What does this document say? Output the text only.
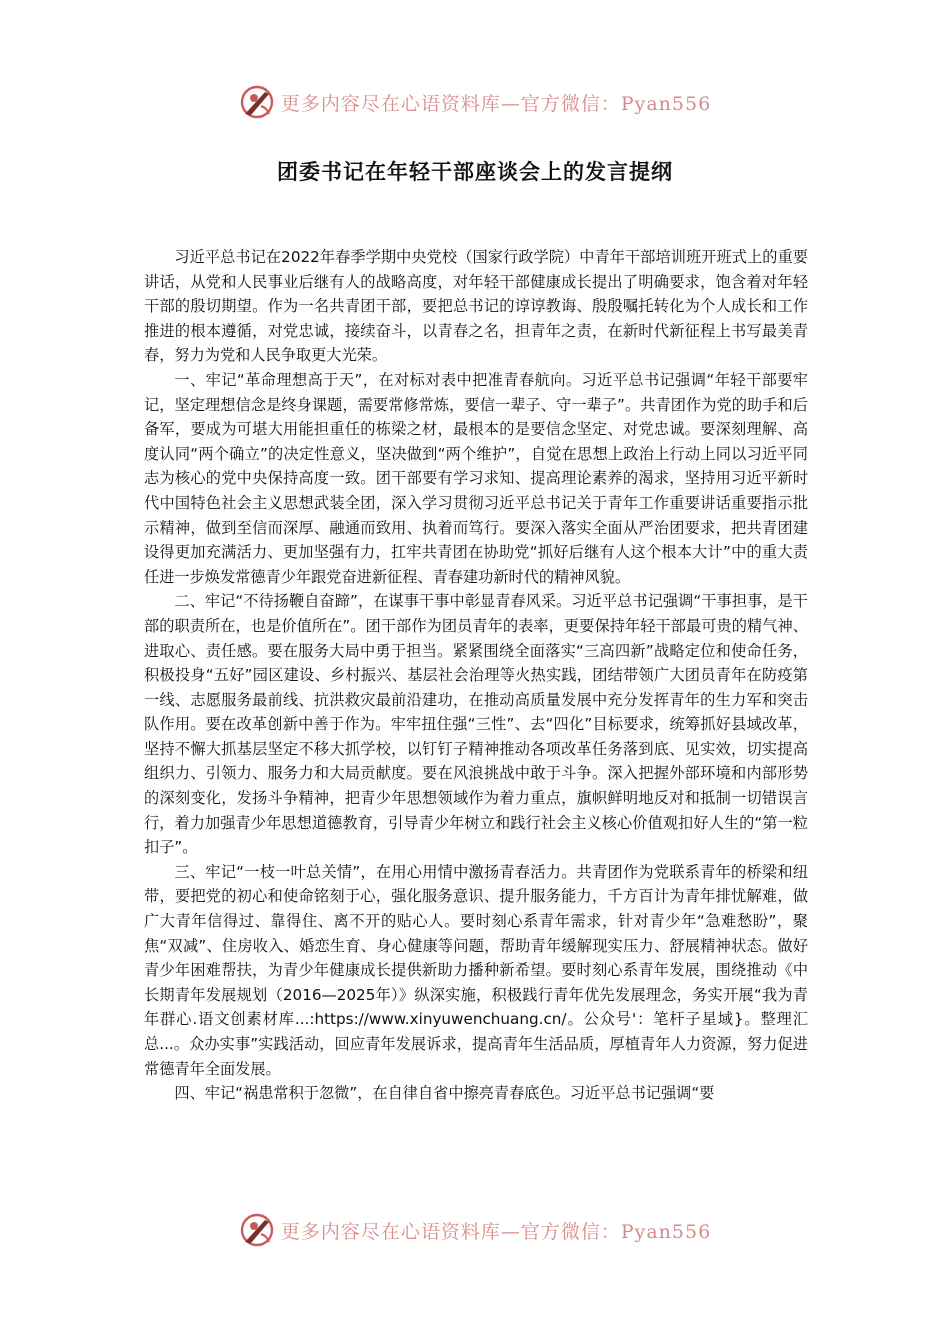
更多内容尽在心语资料库—官方微信：Pyan556
团委书记在年轻干部座谈会上的发言提纲

习近平总书记在2022年春季学期中央党校（国家行政学院）中青年干部培训班开班式上的重要讲话，从党和人民事业后继有人的战略高度，对年轻干部健康成长提出了明确要求，饱含着对年轻干部的殷切期望。作为一名共青团干部，要把总书记的谆谆教诲、殷殷嘱托转化为个人成长和工作推进的根本遵循，对党忠诚，接续奋斗，以青春之名，担青年之责，在新时代新征程上书写最美青春，努力为党和人民争取更大光荣。

一、牢记“革命理想高于天”，在对标对表中把准青春航向。习近平总书记强调“年轻干部要牢记，坚定理想信念是终身课题，需要常修常炼，要信一辈子、守一辈子”。共青团作为党的助手和后备军，要成为可堪大用能担重任的栋梁之材，最根本的是要信念坚定、对党忠诚。要深刻理解、高度认同“两个确立”的决定性意义，坚决做到“两个维护”，自觉在思想上政治上行动上同以习近平同志为核心的党中央保持高度一致。团干部要有学习求知、提高理论素养的渴求，坚持用习近平新时代中国特色社会主义思想武装全团，深入学习贯彻习近平总书记关于青年工作重要讲话重要指示批示精神，做到至信而深厚、融通而致用、执着而笃行。要深入落实全面从严治团要求，把共青团建设得更加充满活力、更加坚强有力，扛牢共青团在协助党“抓好后继有人这个根本大计”中的重大责任进一步焕发常德青少年跟党奋进新征程、青春建功新时代的精神风貌。

二、牢记“不待扬鞭自奋蹄”，在谋事干事中彰显青春风采。习近平总书记强调“干事担事，是干部的职责所在，也是价值所在”。团干部作为团员青年的表率，更要保持年轻干部最可贵的精气神、进取心、责任感。要在服务大局中勇于担当。紧紧围绕全面落实“三高四新”战略定位和使命任务，积极投身“五好”园区建设、乡村振兴、基层社会治理等火热实践，团结带领广大团员青年在防疫第一线、志愿服务最前线、抗洪救灾最前沿建功，在推动高质量发展中充分发挥青年的生力军和突击队作用。要在改革创新中善于作为。牢牢扭住强“三性”、去“四化”目标要求，统筹抓好县域改革，坚持不懈大抓基层坚定不移大抓学校，以钉钉子精神推动各项改革任务落到底、见实效，切实提高组织力、引领力、服务力和大局贡献度。要在风浪挑战中敢于斗争。深入把握外部环境和内部形势的深刻变化，发扬斗争精神，把青少年思想领域作为着力重点，旗帜鲜明地反对和抵制一切错误言行，着力加强青少年思想道德教育，引导青少年树立和践行社会主义核心价值观扣好人生的“第一粒扣子”。

三、牢记“一枝一叶总关情”，在用心用情中激扬青春活力。共青团作为党联系青年的桥梁和纽带，要把党的初心和使命铭刻于心，强化服务意识、提升服务能力，千方百计为青年排忧解难，做广大青年信得过、靠得住、离不开的贴心人。要时刻心系青年需求，针对青少年“急难愁盼”，聚焦“双减”、住房收入、婚恋生育、身心健康等问题，帮助青年缓解现实压力、舒展精神状态。做好青少年困难帮扶，为青少年健康成长提供新助力播种新希望。要时刻心系青年发展，围绕推动《中长期青年发展规划（2016—2025年）》纵深实施，积极践行青年优先发展理念，务实开展“我为青年群心.语文创素材库...:https://www.xinyuwenchuang.cn/。公众号'：笔杆子星域}。整理汇总...。众办实事”实践活动，回应青年发展诉求，提高青年生活品质，厚植青年人力资源，努力促进常德青年全面发展。

四、牢记“祸患常积于忽微”，在自律自省中擦亮青春底色。习近平总书记强调“要

更多内容尽在心语资料库—官方微信：Pyan556
